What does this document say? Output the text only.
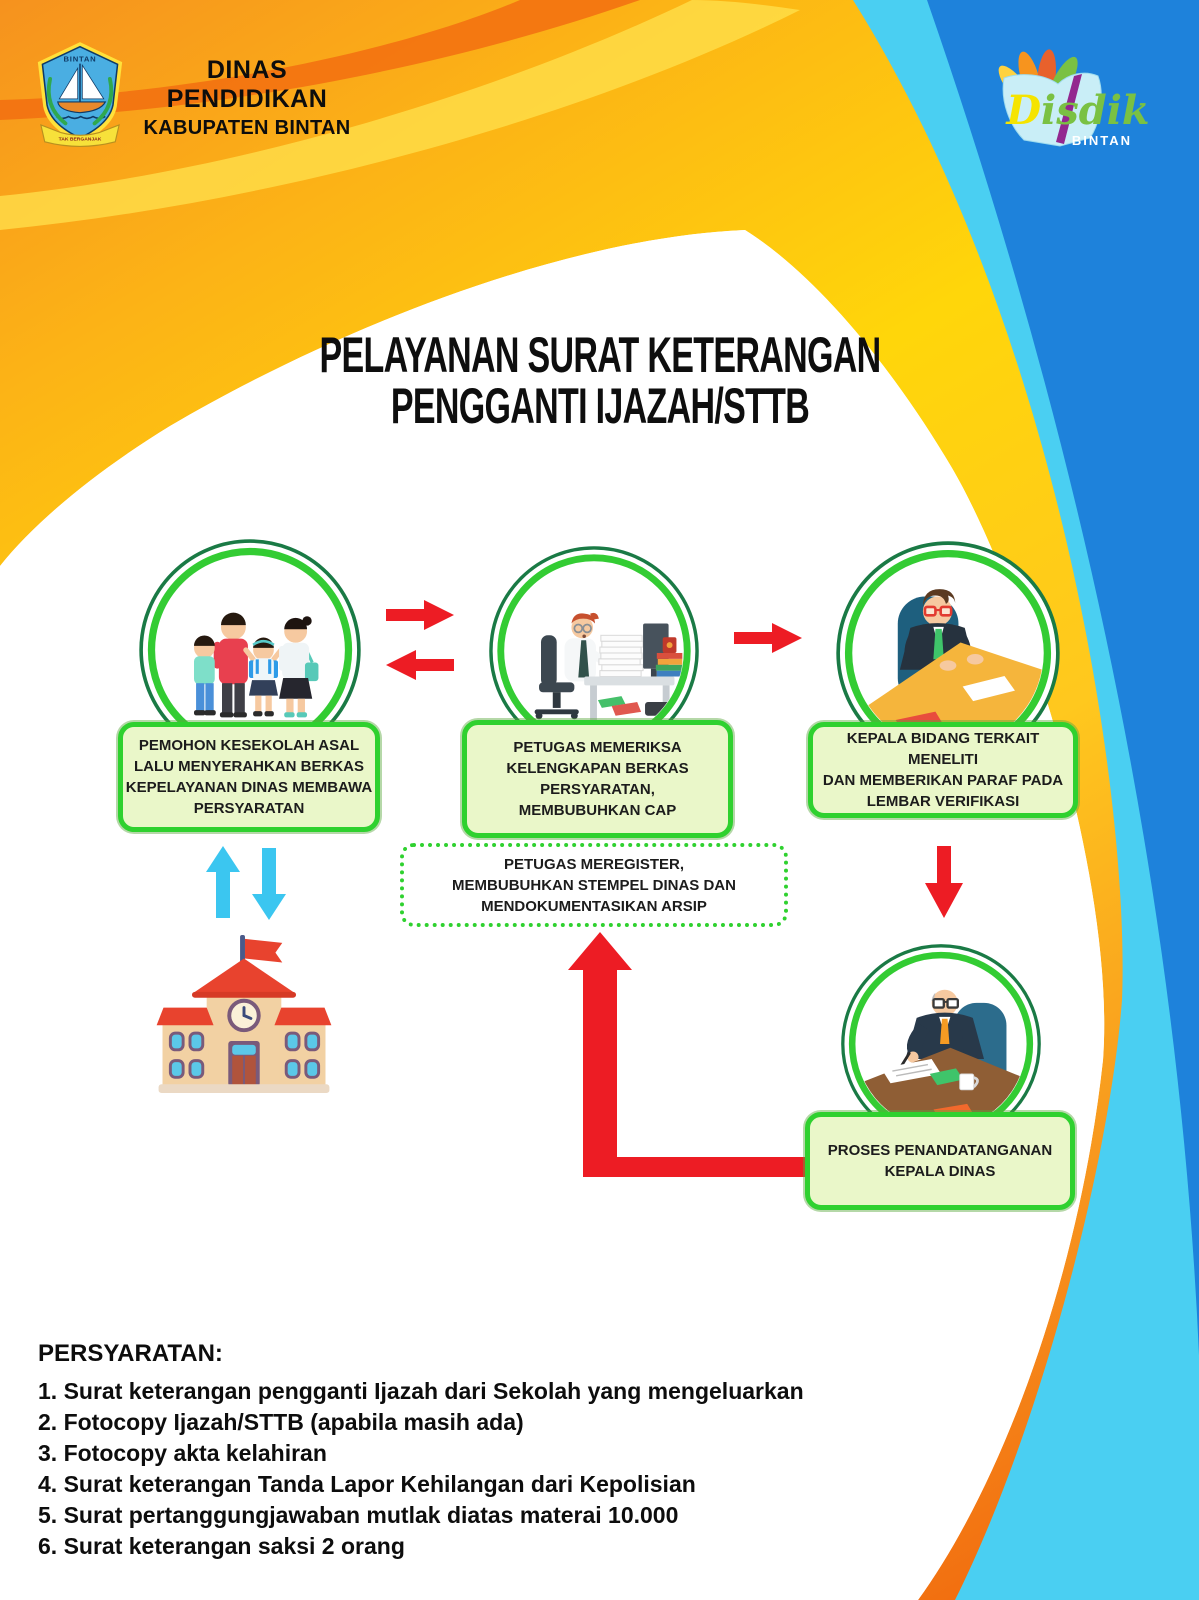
BINTAN
TAK BERGANJAK
DINAS PENDIDIKAN
KABUPATEN BINTAN	Disdik
BINTAN
PELAYANAN SURAT KETERANGAN
PENGGANTI IJAZAH/STTB
PEMOHON KESEKOLAH ASAL
LALU MENYERAHKAN BERKAS
KEPELAYANAN DINAS MEMBAWA
PERSYARATAN
PETUGAS MEMERIKSA
KELENGKAPAN BERKAS
PERSYARATAN,
MEMBUBUHKAN CAP
KEPALA BIDANG TERKAIT MENELITI
DAN MEMBERIKAN PARAF PADA
LEMBAR VERIFIKASI
PETUGAS MEREGISTER,
MEMBUBUHKAN STEMPEL DINAS DAN
MENDOKUMENTASIKAN ARSIP
PROSES PENANDATANGANAN
KEPALA DINAS
PERSYARATAN:
1. Surat keterangan pengganti Ijazah dari Sekolah yang mengeluarkan
2. Fotocopy Ijazah/STTB (apabila masih ada)
3. Fotocopy akta kelahiran
4. Surat keterangan Tanda Lapor Kehilangan dari Kepolisian
5. Surat pertanggungjawaban mutlak diatas materai 10.000
6. Surat keterangan saksi 2 orang
